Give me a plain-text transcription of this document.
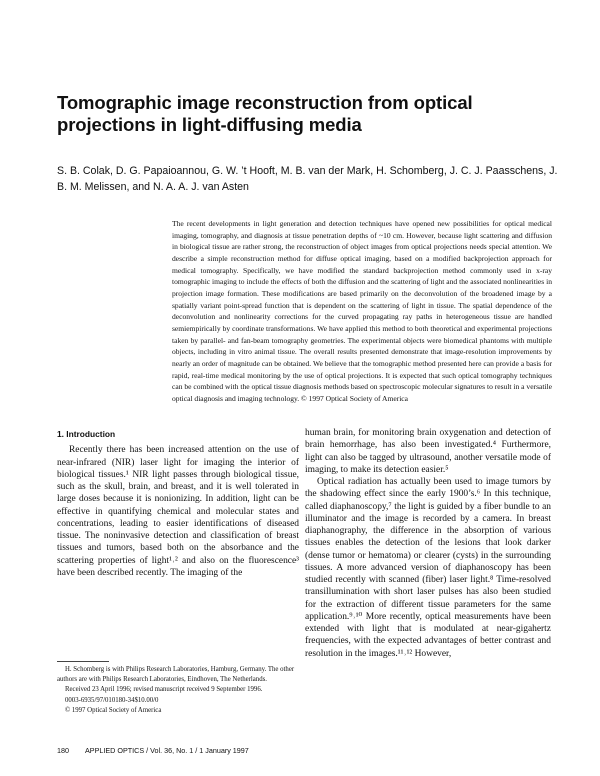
Tomographic image reconstruction from optical projections in light-diffusing media
S. B. Colak, D. G. Papaioannou, G. W. ’t Hooft, M. B. van der Mark, H. Schomberg, J. C. J. Paasschens, J. B. M. Melissen, and N. A. A. J. van Asten
The recent developments in light generation and detection techniques have opened new possibilities for optical medical imaging, tomography, and diagnosis at tissue penetration depths of ~10 cm. However, because light scattering and diffusion in biological tissue are rather strong, the reconstruction of object images from optical projections needs special attention. We describe a simple reconstruction method for diffuse optical imaging, based on a modified backprojection approach for medical tomography. Specifically, we have modified the standard backprojection method commonly used in x-ray tomographic imaging to include the effects of both the diffusion and the scattering of light and the associated nonlinearities in projection image formation. These modifications are based primarily on the deconvolution of the broadened image by a spatially variant point-spread function that is dependent on the scattering of light in tissue. The spatial dependence of the deconvolution and nonlinearity corrections for the curved propagating ray paths in heterogeneous tissue are handled semiempirically by coordinate transformations. We have applied this method to both theoretical and experimental projections taken by parallel- and fan-beam tomography geometries. The experimental objects were biomedical phantoms with multiple objects, including in vitro animal tissue. The overall results presented demonstrate that image-resolution improvements by nearly an order of magnitude can be obtained. We believe that the tomographic method presented here can provide a basis for rapid, real-time medical monitoring by the use of optical projections. It is expected that such optical tomography techniques can be combined with the optical tissue diagnosis methods based on spectroscopic molecular signatures to result in a versatile optical diagnosis and imaging technology. © 1997 Optical Society of America

1. Introduction

Recently there has been increased attention on the use of near-infrared (NIR) laser light for imaging the interior of biological tissues.¹ NIR light passes through biological tissue, such as the skull, brain, and breast, and it is well tolerated in large doses because it is nonionizing. In addition, light can be effective in quantifying chemical and molecular states and concentrations, leading to easier identifications of diseased tissue. The noninvasive detection and classification of breast tissues and tumors, based both on the absorbance and the scattering properties of light¹˒² and also on the fluorescence³ have been described recently. The imaging of the

human brain, for monitoring brain oxygenation and detection of brain hemorrhage, has also been investigated.⁴ Furthermore, light can also be tagged by ultrasound, another versatile mode of imaging, to make its detection easier.⁵

Optical radiation has actually been used to image tumors by the shadowing effect since the early 1900’s.⁶ In this technique, called diaphanoscopy,⁷ the light is guided by a fiber bundle to an illuminator and the image is recorded by a camera. In breast diaphanography, the difference in the absorption of various tissues enables the detection of the lesions that look darker (dense tumor or hematoma) or clearer (cysts) in the surrounding tissues. A more advanced version of diaphanoscopy has been studied recently with scanned (fiber) laser light.⁸ Time-resolved transillumination with short laser pulses has also been studied for the extraction of different tissue parameters for the same application.⁹˒¹⁰ More recently, optical measurements have been extended with light that is modulated at near-gigahertz frequencies, with the expected advantages of better contrast and resolution in the images.¹¹˒¹² However,

H. Schomberg is with Philips Research Laboratories, Hamburg, Germany. The other authors are with Philips Research Laboratories, Eindhoven, The Netherlands.

Received 23 April 1996; revised manuscript received 9 September 1996.

0003-6935/97/010180-34$10.00/0

© 1997 Optical Society of America

180 APPLIED OPTICS / Vol. 36, No. 1 / 1 January 1997
